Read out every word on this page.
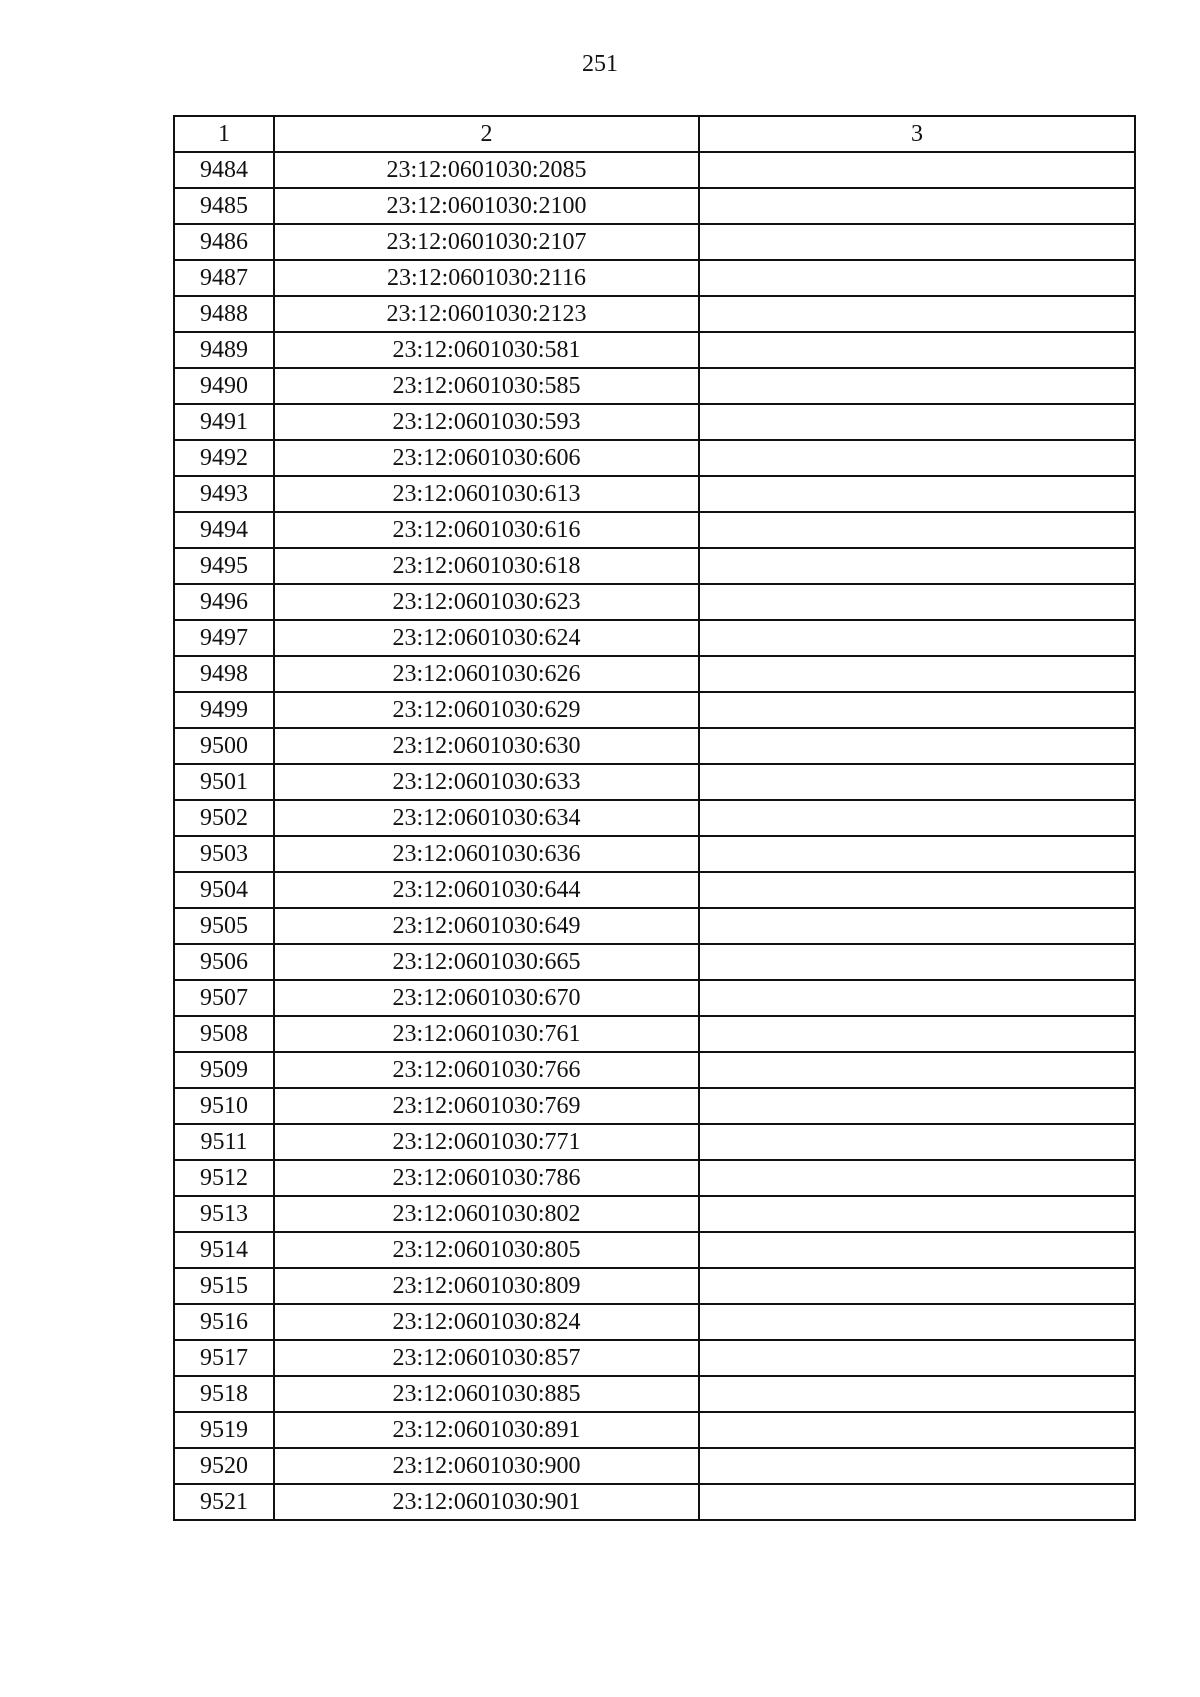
251
1	2	3
9484	23:12:0601030:2085	
9485	23:12:0601030:2100	
9486	23:12:0601030:2107	
9487	23:12:0601030:2116	
9488	23:12:0601030:2123	
9489	23:12:0601030:581	
9490	23:12:0601030:585	
9491	23:12:0601030:593	
9492	23:12:0601030:606	
9493	23:12:0601030:613	
9494	23:12:0601030:616	
9495	23:12:0601030:618	
9496	23:12:0601030:623	
9497	23:12:0601030:624	
9498	23:12:0601030:626	
9499	23:12:0601030:629	
9500	23:12:0601030:630	
9501	23:12:0601030:633	
9502	23:12:0601030:634	
9503	23:12:0601030:636	
9504	23:12:0601030:644	
9505	23:12:0601030:649	
9506	23:12:0601030:665	
9507	23:12:0601030:670	
9508	23:12:0601030:761	
9509	23:12:0601030:766	
9510	23:12:0601030:769	
9511	23:12:0601030:771	
9512	23:12:0601030:786	
9513	23:12:0601030:802	
9514	23:12:0601030:805	
9515	23:12:0601030:809	
9516	23:12:0601030:824	
9517	23:12:0601030:857	
9518	23:12:0601030:885	
9519	23:12:0601030:891	
9520	23:12:0601030:900	
9521	23:12:0601030:901	
